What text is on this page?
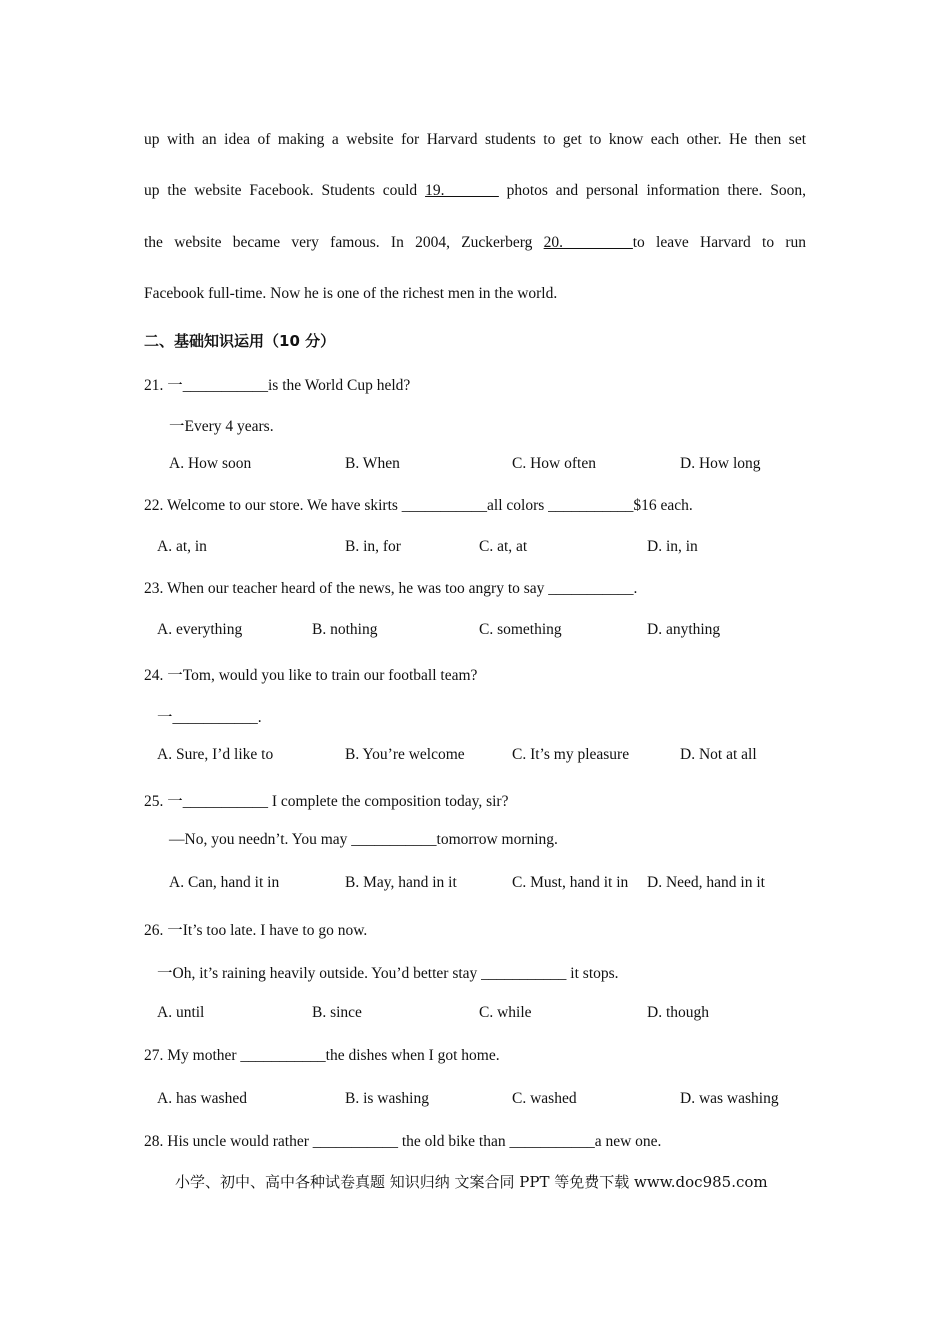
up with an idea of making a website for Harvard students to get to know each other. He then set
up the website Facebook. Students could 19._______ photos and personal information there. Soon,
the website became very famous. In 2004, Zuckerberg 20._________to leave Harvard to run
Facebook full-time. Now he is one of the richest men in the world.
二、基础知识运用（10 分）
21. 一___________is the World Cup held?
一Every 4 years.
A. How soon	B. When	C. How often	D. How long
22. Welcome to our store. We have skirts ___________all colors ___________$16 each.
A. at, in	B. in, for	C. at, at	D. in, in
23. When our teacher heard of the news, he was too angry to say ___________.
A. everything	B. nothing	C. something	D. anything
24. 一Tom, would you like to train our football team?
一___________.
A. Sure, I’d like to	B. You’re welcome	C. It’s my pleasure	D. Not at all
25. 一___________ I complete the composition today, sir?
—No, you needn’t. You may ___________tomorrow morning.
A. Can, hand it in	B. May, hand in it	C. Must, hand it in D. Need, hand in it
26. 一It’s too late. I have to go now.
一Oh, it’s raining heavily outside. You’d better stay ___________ it stops.
A. until	B. since	C. while	D. though
27. My mother ___________the dishes when I got home.
A. has washed	B. is washing	C. washed	D. was washing
28. His uncle would rather ___________ the old bike than ___________a new one.
小学、初中、高中各种试卷真题 知识归纳 文案合同 PPT 等免费下载 www.doc985.com
